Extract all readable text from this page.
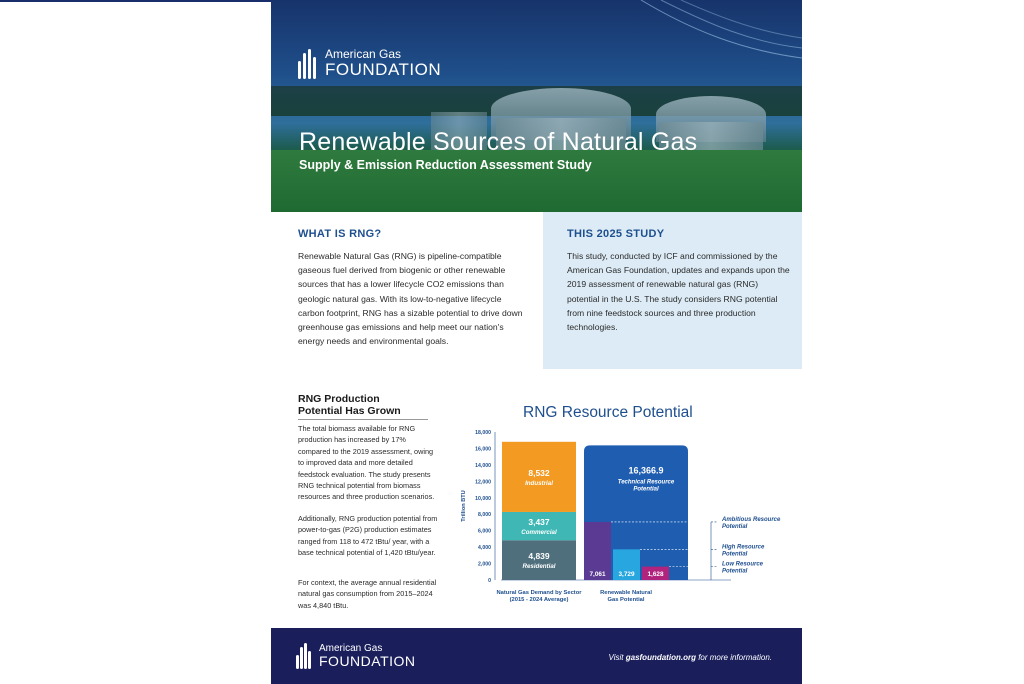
American Gas
FOUNDATION
Renewable Sources of Natural Gas
Supply & Emission Reduction Assessment Study
WHAT IS RNG?
Renewable Natural Gas (RNG) is pipeline-compatible gaseous fuel derived from biogenic or other renewable sources that has a lower lifecycle CO2 emissions than geologic natural gas. With its low-to-negative lifecycle carbon footprint, RNG has a sizable potential to drive down greenhouse gas emissions and help meet our nation's energy needs and environmental goals.
THIS 2025 STUDY
This study, conducted by ICF and commissioned by the American Gas Foundation, updates and expands upon the 2019 assessment of renewable natural gas (RNG) potential in the U.S. The study considers RNG potential from nine feedstock sources and three production technologies.
RNG Production
Potential Has Grown
The total biomass available for RNG production has increased by 17% compared to the 2019 assessment, owing to improved data and more detailed feedstock evaluation. The study presents RNG technical potential from biomass resources and three production scenarios.
Additionally, RNG production potential from power-to-gas (P2G) production estimates ranged from 118 to 472 tBtu/ year, with a base technical potential of 1,420 tBtu/year.
For context, the average annual residential natural gas consumption from 2015–2024 was 4,840 tBtu.
RNG Resource Potential
0
2,000
4,000
6,000
8,000
10,000
12,000
14,000
16,000
18,000
Trillion BTU
4,839
Residential
3,437
Commercial
8,532
Industrial
16,366.9
Technical Resource
Potential
7,061
Ambitious Resource
Potential
3,729
High Resource
Potential
1,628
Low Resource
Potential
Natural Gas Demand by Sector
(2015 - 2024 Average)
Renewable Natural
Gas Potential
American Gas
FOUNDATION	Visit gasfoundation.org for more information.
